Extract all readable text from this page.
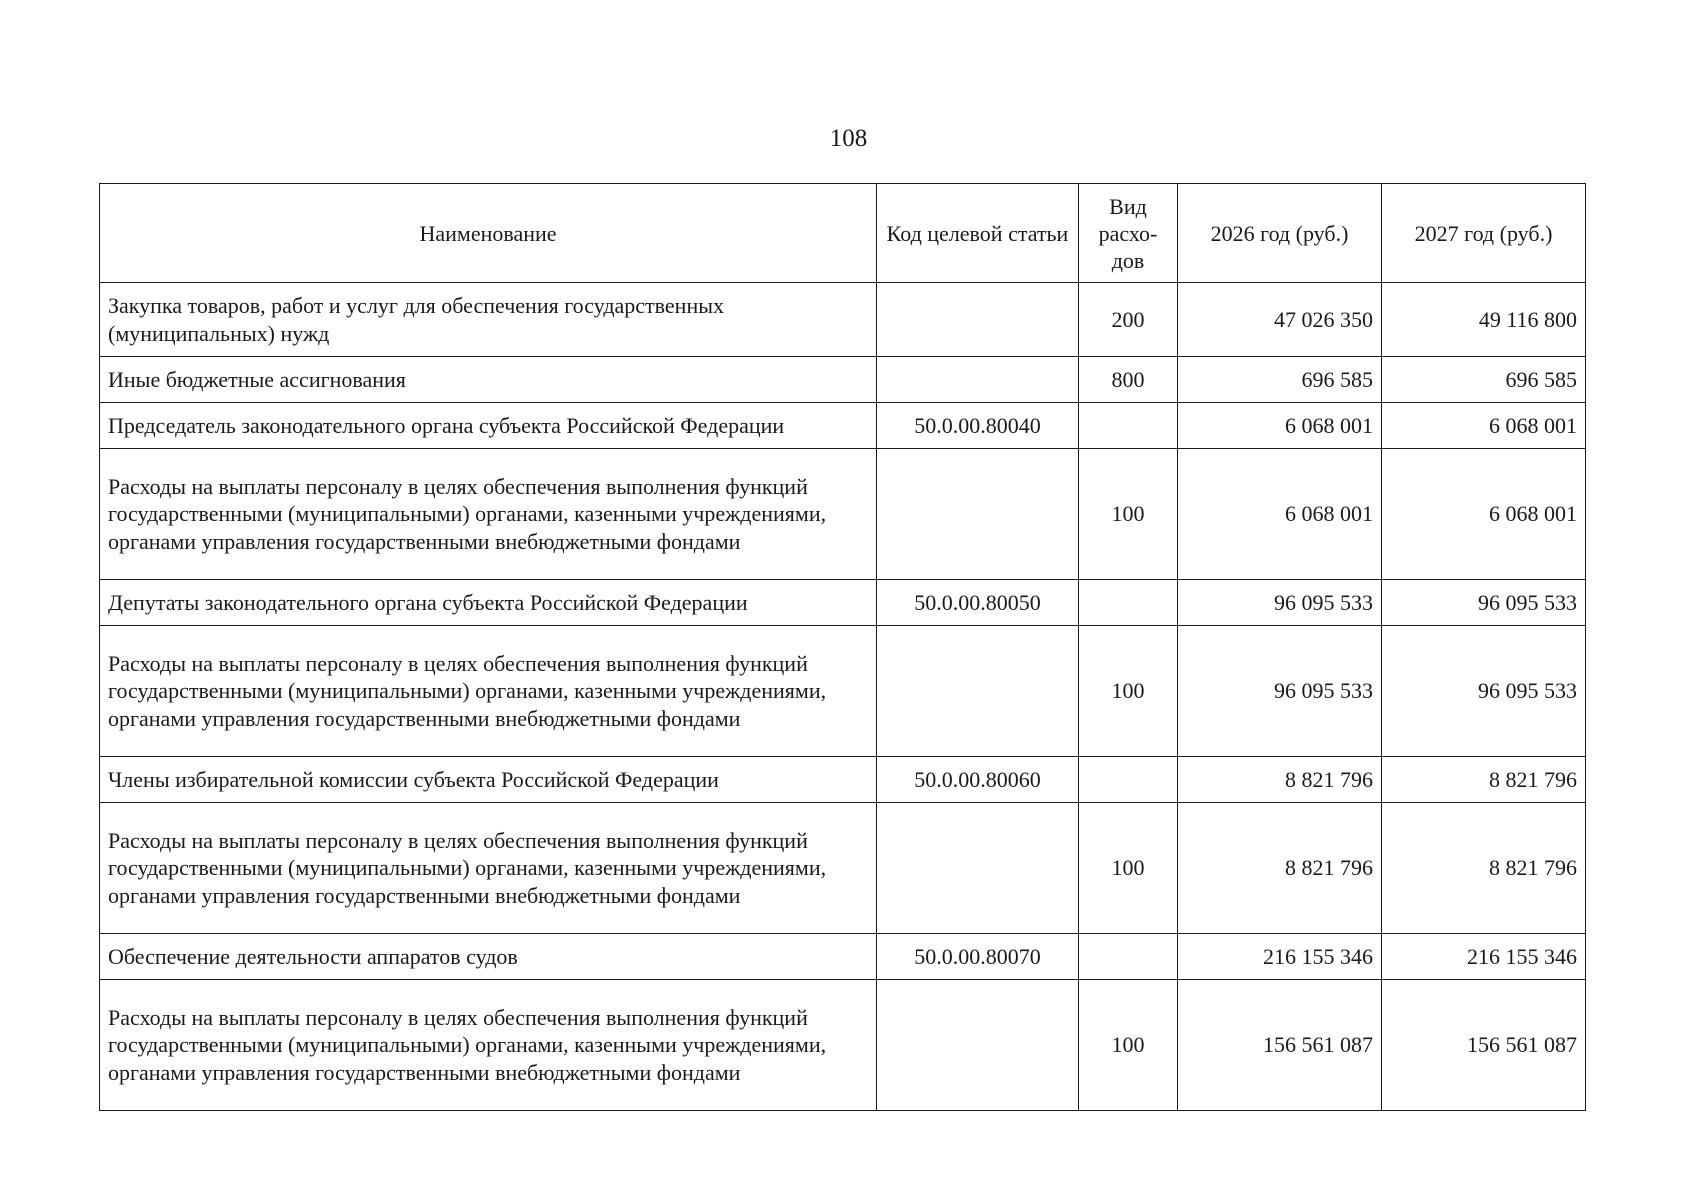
108
Наименование	Код целевой статьи	Вид расхо-дов	2026 год (руб.)	2027 год (руб.)
Закупка товаров, работ и услуг для обеспечения государственных (муниципальных) нужд		200	47 026 350	49 116 800
Иные бюджетные ассигнования		800	696 585	696 585
Председатель законодательного органа субъекта Российской Федерации	50.0.00.80040		6 068 001	6 068 001
Расходы на выплаты персоналу в целях обеспечения выполнения функций государственными (муниципальными) органами, казенными учреждениями, органами управления государственными внебюджетными фондами		100	6 068 001	6 068 001
Депутаты законодательного органа субъекта Российской Федерации	50.0.00.80050		96 095 533	96 095 533
Расходы на выплаты персоналу в целях обеспечения выполнения функций государственными (муниципальными) органами, казенными учреждениями, органами управления государственными внебюджетными фондами		100	96 095 533	96 095 533
Члены избирательной комиссии субъекта Российской Федерации	50.0.00.80060		8 821 796	8 821 796
Расходы на выплаты персоналу в целях обеспечения выполнения функций государственными (муниципальными) органами, казенными учреждениями, органами управления государственными внебюджетными фондами		100	8 821 796	8 821 796
Обеспечение деятельности аппаратов судов	50.0.00.80070		216 155 346	216 155 346
Расходы на выплаты персоналу в целях обеспечения выполнения функций государственными (муниципальными) органами, казенными учреждениями, органами управления государственными внебюджетными фондами		100	156 561 087	156 561 087
